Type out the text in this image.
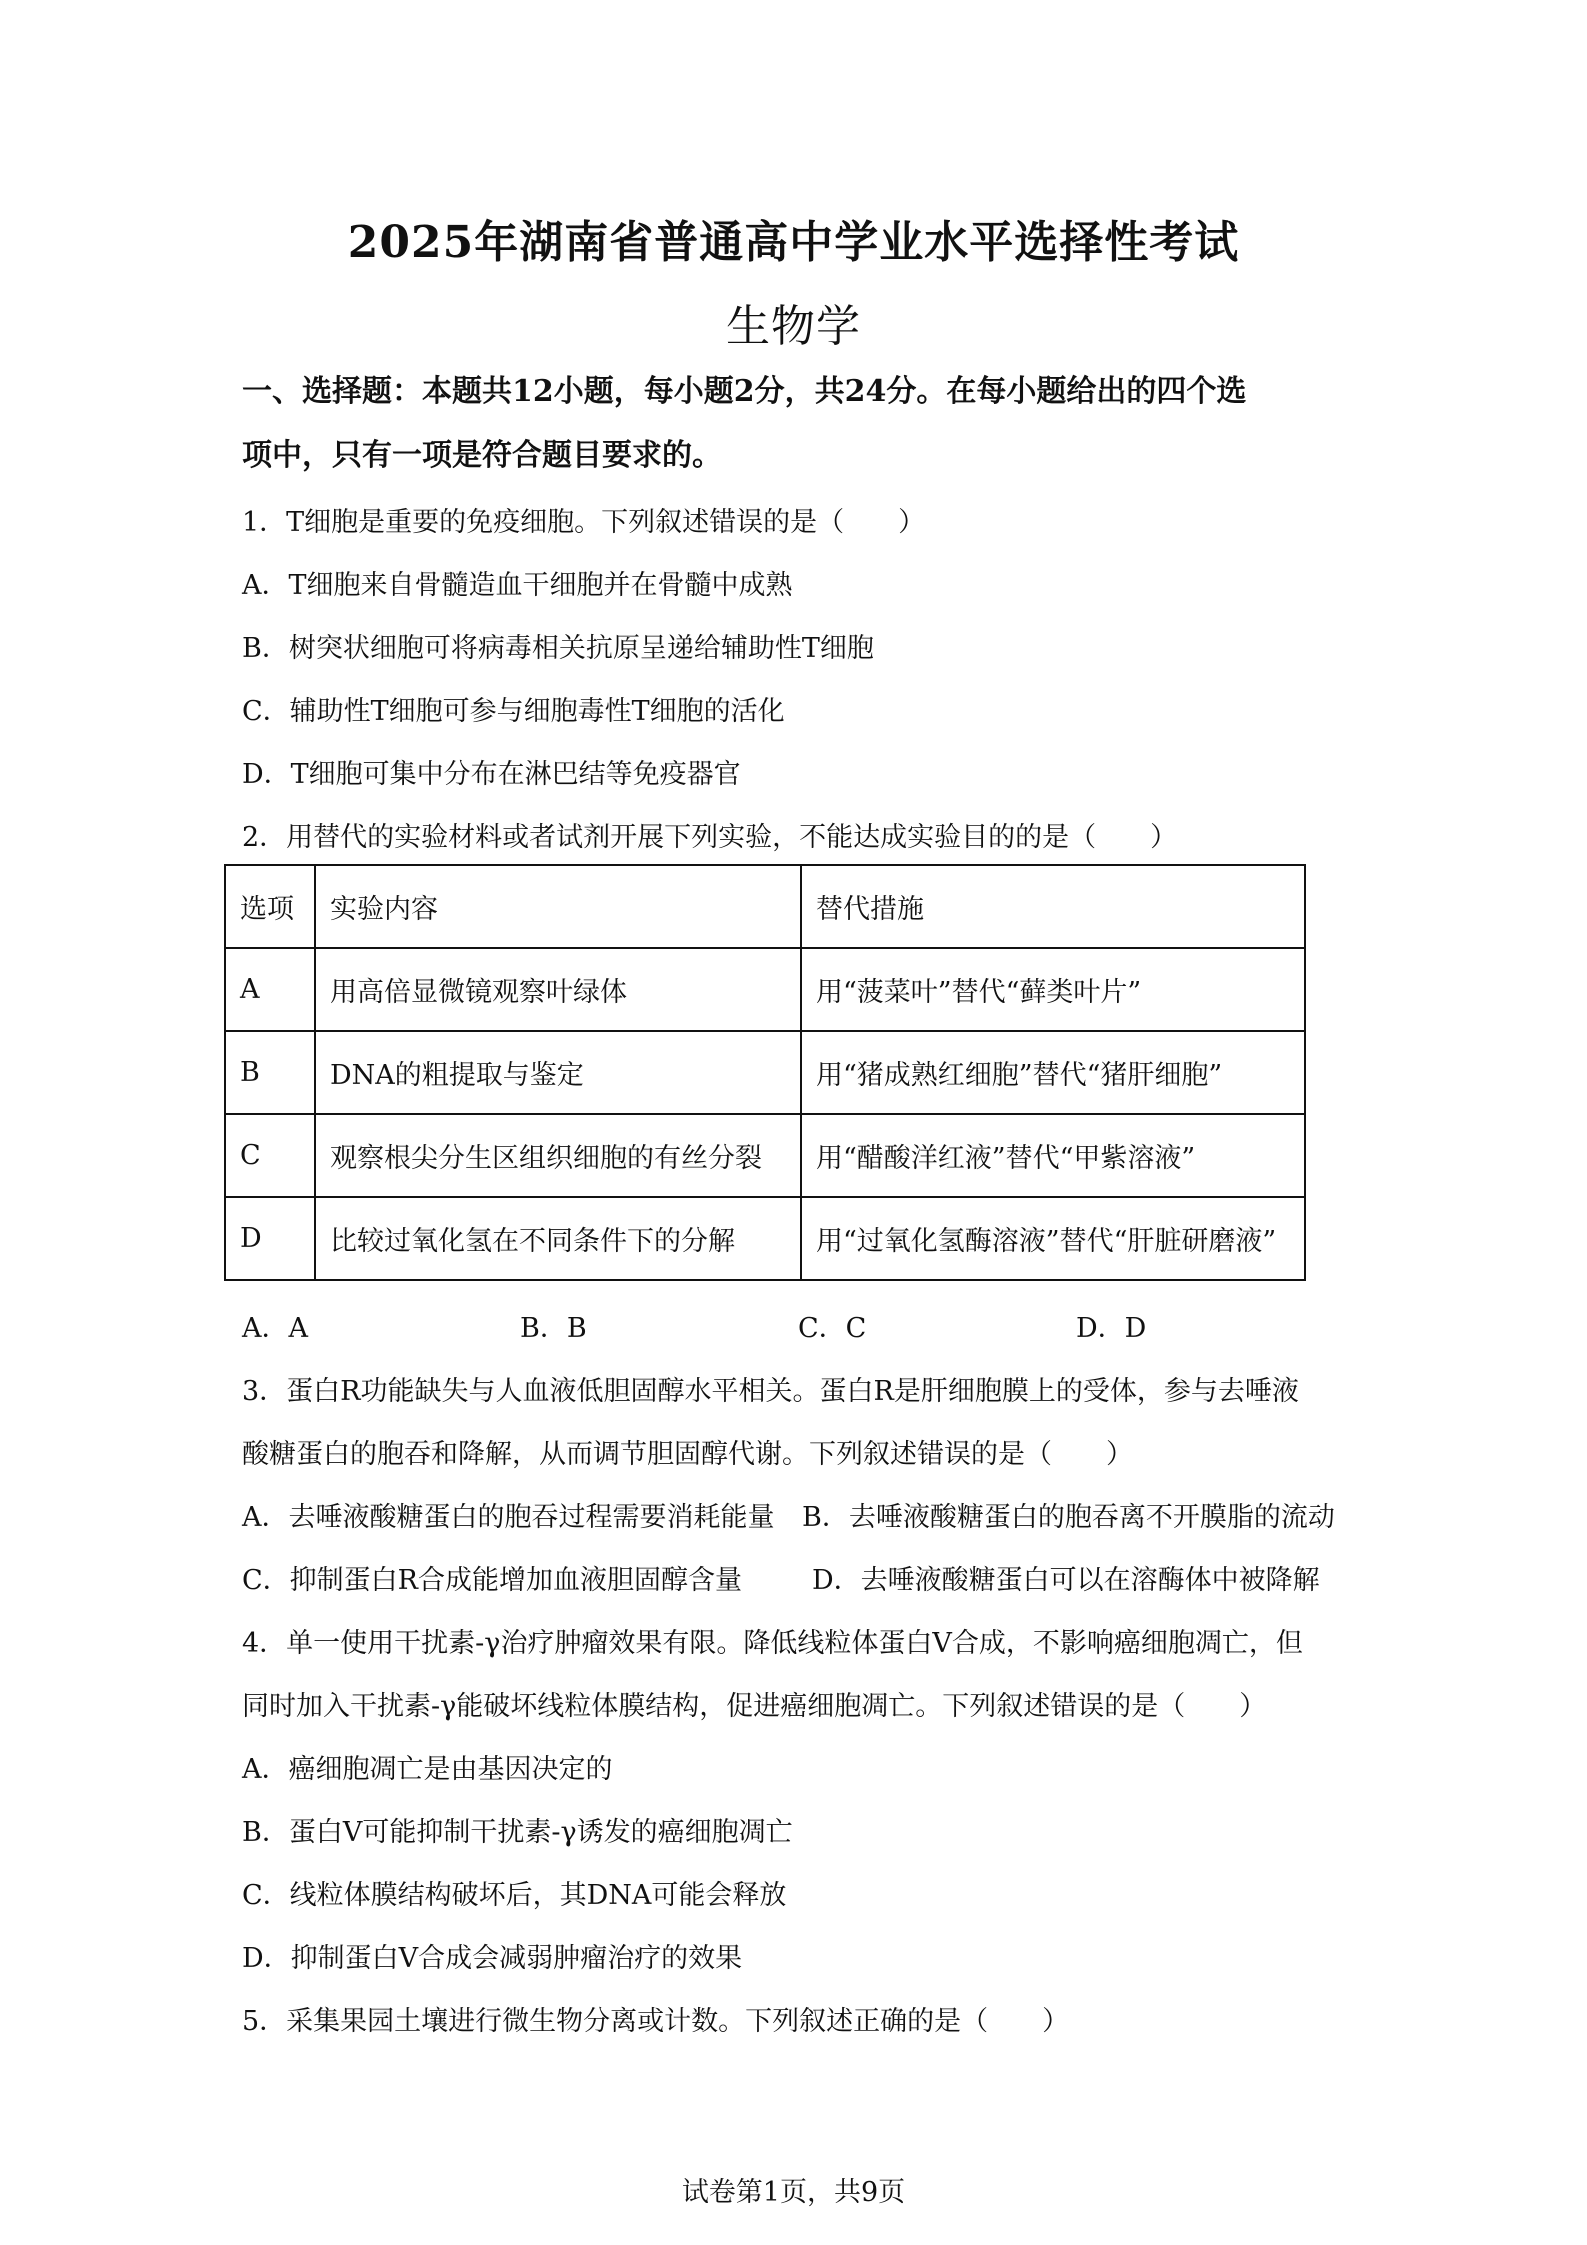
2025年湖南省普通高中学业水平选择性考试
生物学
一、选择题：本题共12小题，每小题2分，共24分。在每小题给出的四个选
项中，只有一项是符合题目要求的。
1．T细胞是重要的免疫细胞。下列叙述错误的是（　　）
A．T细胞来自骨髓造血干细胞并在骨髓中成熟
B．树突状细胞可将病毒相关抗原呈递给辅助性T细胞
C．辅助性T细胞可参与细胞毒性T细胞的活化
D．T细胞可集中分布在淋巴结等免疫器官
2．用替代的实验材料或者试剂开展下列实验，不能达成实验目的的是（　　）
选项	实验内容	替代措施
A	用高倍显微镜观察叶绿体	用“菠菜叶”替代“藓类叶片”
B	DNA的粗提取与鉴定	用“猪成熟红细胞”替代“猪肝细胞”
C	观察根尖分生区组织细胞的有丝分裂	用“醋酸洋红液”替代“甲紫溶液”
D	比较过氧化氢在不同条件下的分解	用“过氧化氢酶溶液”替代“肝脏研磨液”
A．A	B．B	C．C	D．D
3．蛋白R功能缺失与人血液低胆固醇水平相关。蛋白R是肝细胞膜上的受体，参与去唾液
酸糖蛋白的胞吞和降解，从而调节胆固醇代谢。下列叙述错误的是（　　）
A．去唾液酸糖蛋白的胞吞过程需要消耗能量 B．去唾液酸糖蛋白的胞吞离不开膜脂的流动
C．抑制蛋白R合成能增加血液胆固醇含量	D．去唾液酸糖蛋白可以在溶酶体中被降解
4．单一使用干扰素-γ治疗肿瘤效果有限。降低线粒体蛋白V合成，不影响癌细胞凋亡，但
同时加入干扰素-γ能破坏线粒体膜结构，促进癌细胞凋亡。下列叙述错误的是（　　）
A．癌细胞凋亡是由基因决定的
B．蛋白V可能抑制干扰素-γ诱发的癌细胞凋亡
C．线粒体膜结构破坏后，其DNA可能会释放
D．抑制蛋白V合成会减弱肿瘤治疗的效果
5．采集果园土壤进行微生物分离或计数。下列叙述正确的是（　　）
试卷第1页，共9页
